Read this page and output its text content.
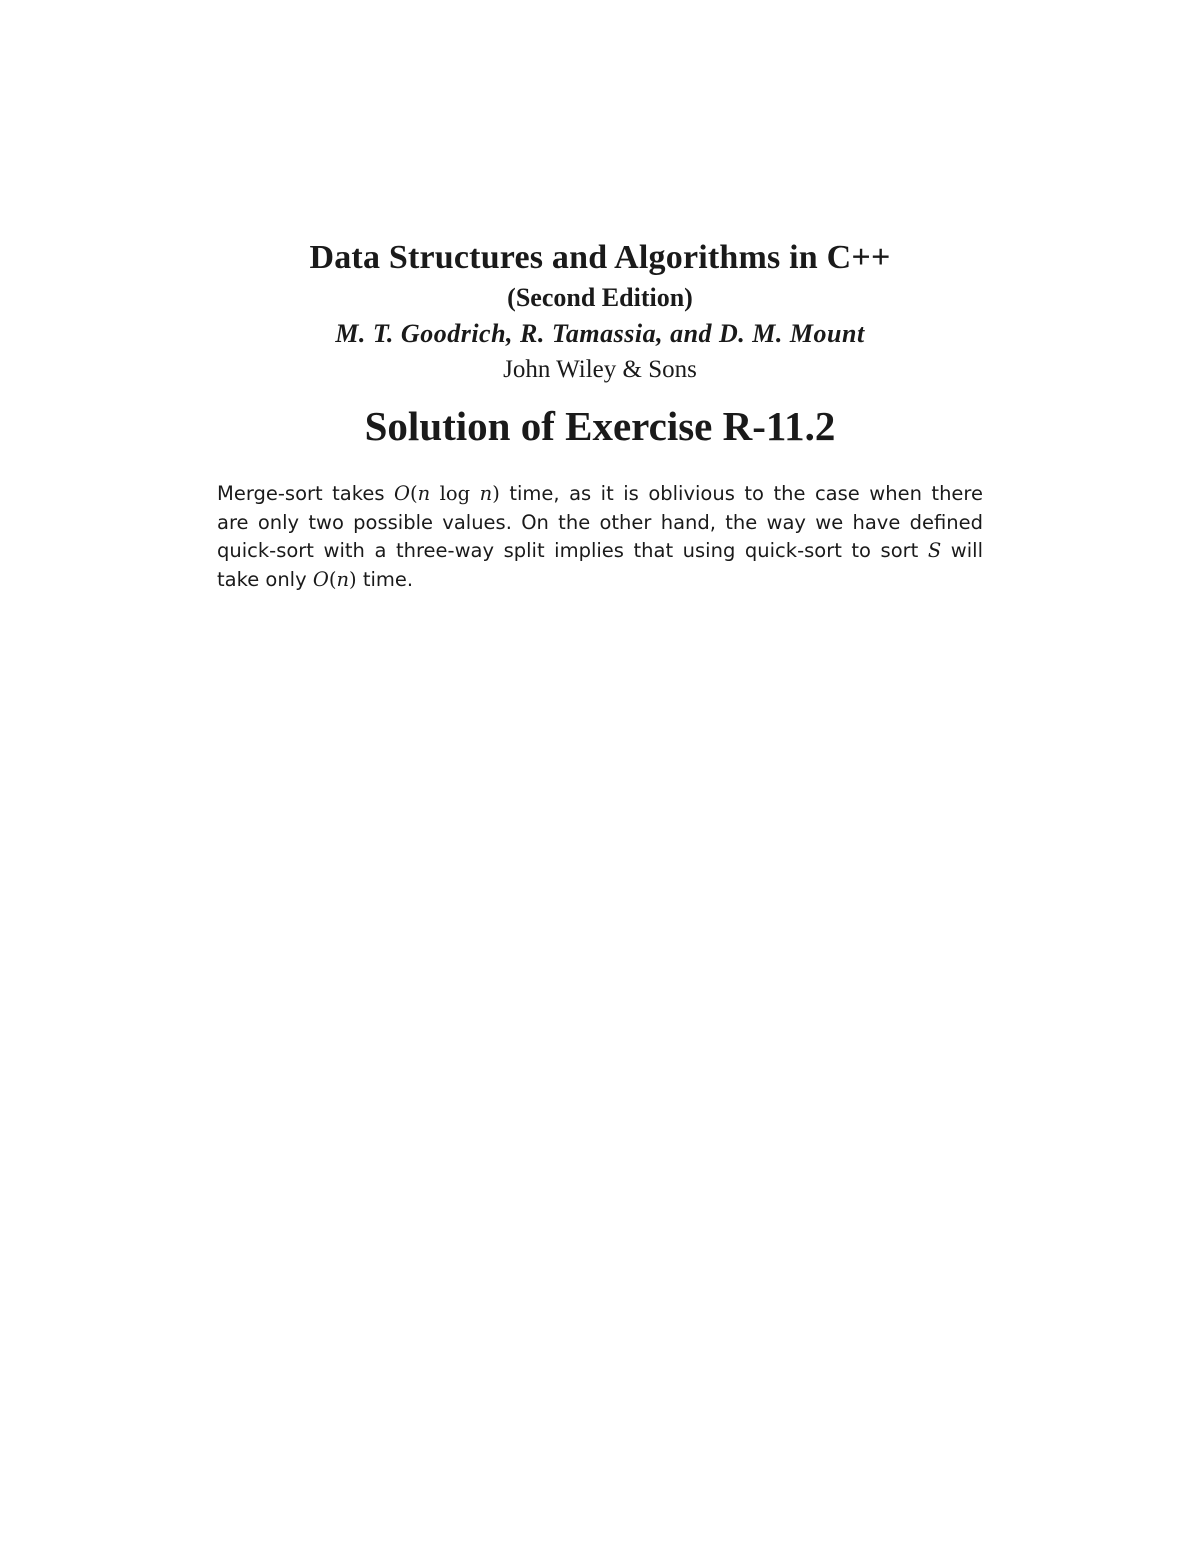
Data Structures and Algorithms in C++
(Second Edition)
M. T. Goodrich, R. Tamassia, and D. M. Mount
John Wiley & Sons
Solution of Exercise R-11.2
Merge-sort takes O(n log n) time, as it is oblivious to the case when there
are only two possible values. On the other hand, the way we have defined
quick-sort with a three-way split implies that using quick-sort to sort S will
take only O(n) time.
